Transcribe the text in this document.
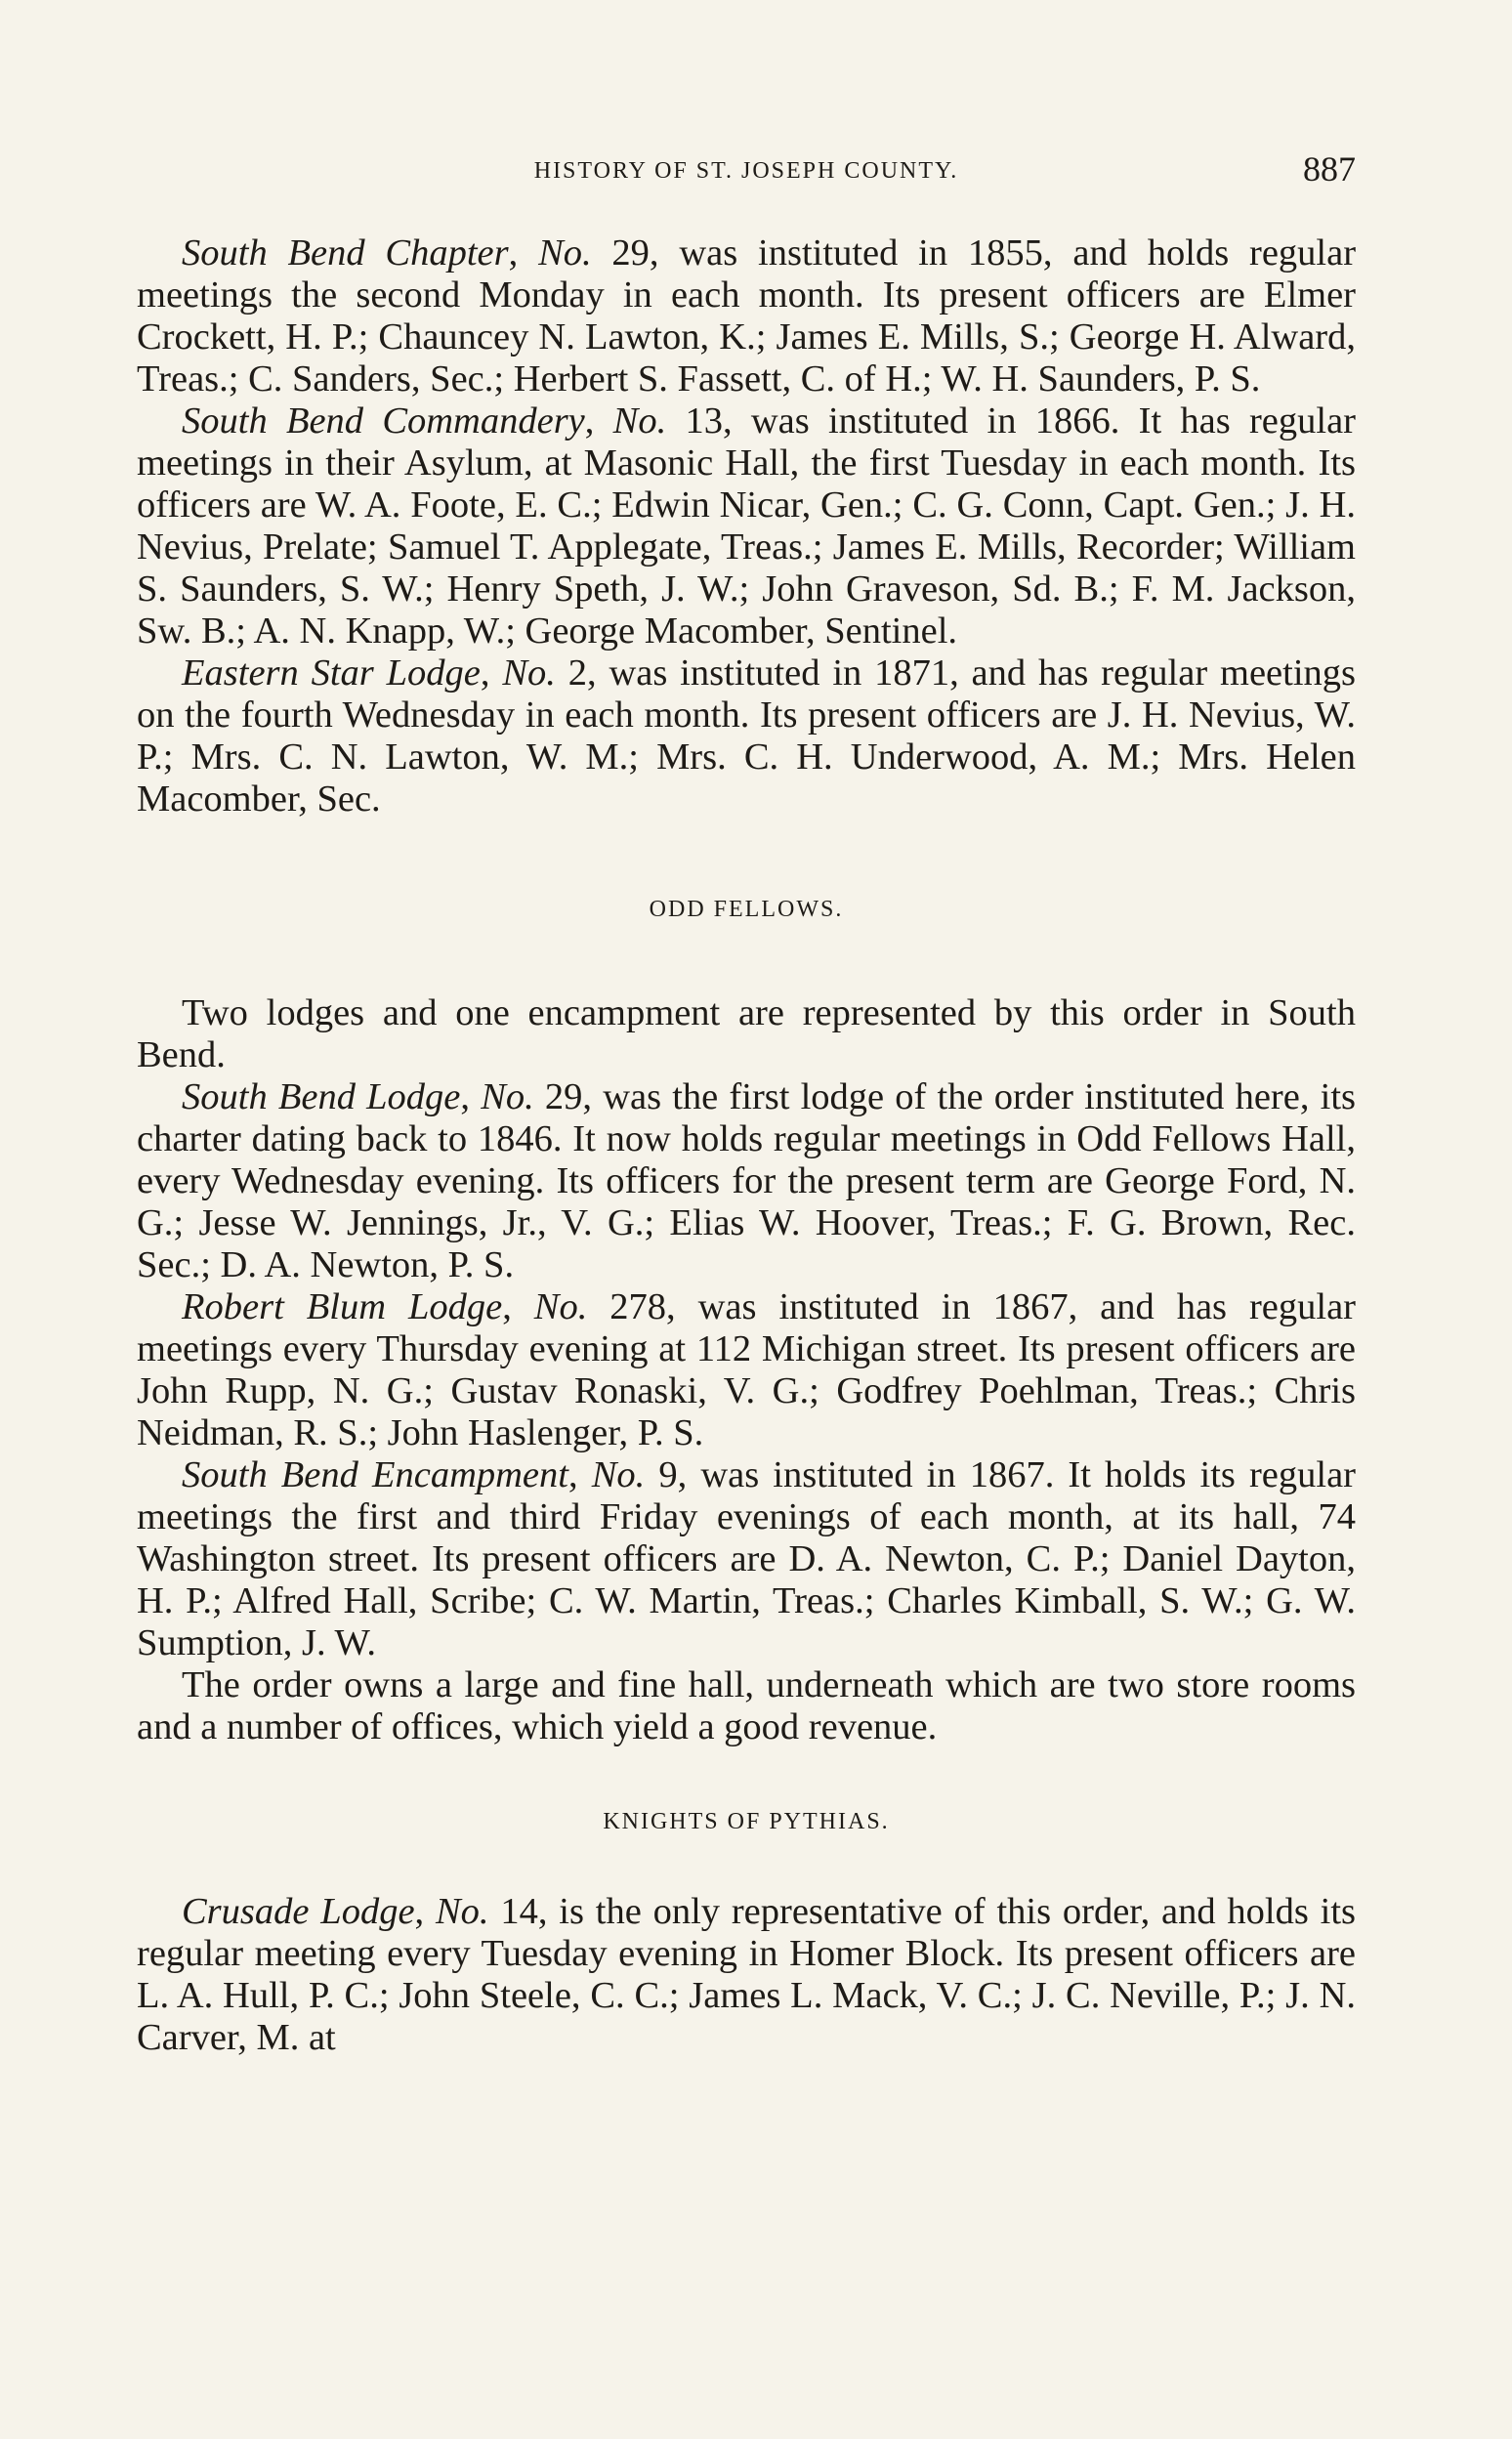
HISTORY OF ST. JOSEPH COUNTY.	887

South Bend Chapter, No. 29, was instituted in 1855, and holds regular meetings the second Monday in each month. Its present officers are Elmer Crockett, H. P.; Chauncey N. Lawton, K.; James E. Mills, S.; George H. Alward, Treas.; C. Sanders, Sec.; Herbert S. Fassett, C. of H.; W. H. Saunders, P. S.

South Bend Commandery, No. 13, was instituted in 1866. It has regular meetings in their Asylum, at Masonic Hall, the first Tuesday in each month. Its officers are W. A. Foote, E. C.; Edwin Nicar, Gen.; C. G. Conn, Capt. Gen.; J. H. Nevius, Prelate; Samuel T. Applegate, Treas.; James E. Mills, Recorder; William S. Saunders, S. W.; Henry Speth, J. W.; John Graveson, Sd. B.; F. M. Jackson, Sw. B.; A. N. Knapp, W.; George Macomber, Sentinel.

Eastern Star Lodge, No. 2, was instituted in 1871, and has regular meetings on the fourth Wednesday in each month. Its present officers are J. H. Nevius, W. P.; Mrs. C. N. Lawton, W. M.; Mrs. C. H. Underwood, A. M.; Mrs. Helen Macomber, Sec.

ODD FELLOWS.

Two lodges and one encampment are represented by this order in South Bend.

South Bend Lodge, No. 29, was the first lodge of the order instituted here, its charter dating back to 1846. It now holds regular meetings in Odd Fellows Hall, every Wednesday evening. Its officers for the present term are George Ford, N. G.; Jesse W. Jennings, Jr., V. G.; Elias W. Hoover, Treas.; F. G. Brown, Rec. Sec.; D. A. Newton, P. S.

Robert Blum Lodge, No. 278, was instituted in 1867, and has regular meetings every Thursday evening at 112 Michigan street. Its present officers are John Rupp, N. G.; Gustav Ronaski, V. G.; Godfrey Poehlman, Treas.; Chris Neidman, R. S.; John Haslenger, P. S.

South Bend Encampment, No. 9, was instituted in 1867. It holds its regular meetings the first and third Friday evenings of each month, at its hall, 74 Washington street. Its present officers are D. A. Newton, C. P.; Daniel Dayton, H. P.; Alfred Hall, Scribe; C. W. Martin, Treas.; Charles Kimball, S. W.; G. W. Sumption, J. W.

The order owns a large and fine hall, underneath which are two store rooms and a number of offices, which yield a good revenue.

KNIGHTS OF PYTHIAS.

Crusade Lodge, No. 14, is the only representative of this order, and holds its regular meeting every Tuesday evening in Homer Block. Its present officers are L. A. Hull, P. C.; John Steele, C. C.; James L. Mack, V. C.; J. C. Neville, P.; J. N. Carver, M. at
